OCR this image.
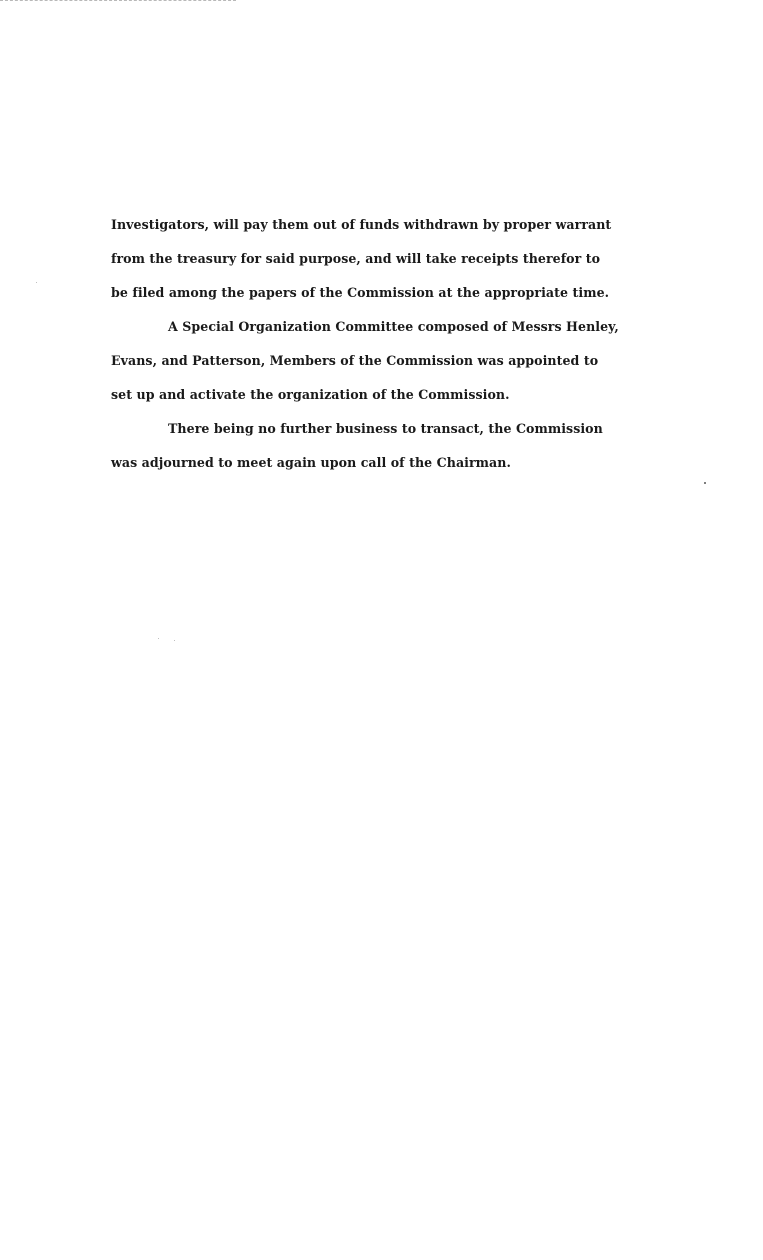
Investigators, will pay them out of funds withdrawn by proper warrant
from the treasury for said purpose, and will take receipts therefor to
be filed among the papers of the Commission at the appropriate time.
A Special Organization Committee composed of Messrs Henley,
Evans, and Patterson, Members of the Commission was appointed to
set up and activate the organization of the Commission.
There being no further business to transact, the Commission
was adjourned to meet again upon call of the Chairman.
